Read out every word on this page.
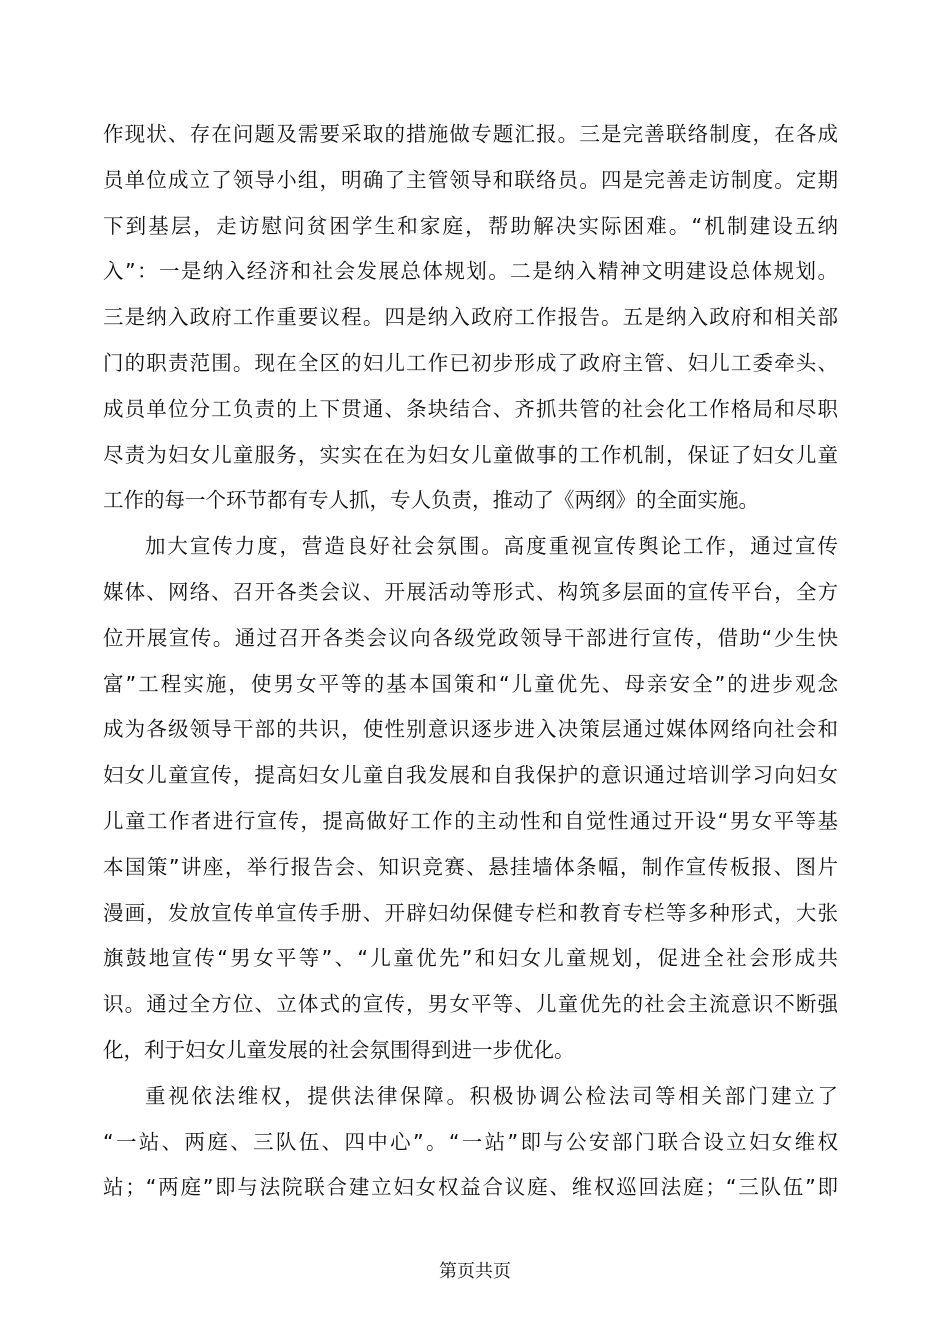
作现状、存在问题及需要采取的措施做专题汇报。三是完善联络制度，在各成
员单位成立了领导小组，明确了主管领导和联络员。四是完善走访制度。定期
下到基层，走访慰问贫困学生和家庭，帮助解决实际困难。“机制建设五纳
入”：一是纳入经济和社会发展总体规划。二是纳入精神文明建设总体规划。
三是纳入政府工作重要议程。四是纳入政府工作报告。五是纳入政府和相关部
门的职责范围。现在全区的妇儿工作已初步形成了政府主管、妇儿工委牵头、
成员单位分工负责的上下贯通、条块结合、齐抓共管的社会化工作格局和尽职
尽责为妇女儿童服务，实实在在为妇女儿童做事的工作机制，保证了妇女儿童
工作的每一个环节都有专人抓，专人负责，推动了《两纲》的全面实施。
加大宣传力度，营造良好社会氛围。高度重视宣传舆论工作，通过宣传
媒体、网络、召开各类会议、开展活动等形式、构筑多层面的宣传平台，全方
位开展宣传。通过召开各类会议向各级党政领导干部进行宣传，借助“少生快
富”工程实施，使男女平等的基本国策和“儿童优先、母亲安全”的进步观念
成为各级领导干部的共识，使性别意识逐步进入决策层通过媒体网络向社会和
妇女儿童宣传，提高妇女儿童自我发展和自我保护的意识通过培训学习向妇女
儿童工作者进行宣传，提高做好工作的主动性和自觉性通过开设“男女平等基
本国策”讲座，举行报告会、知识竞赛、悬挂墙体条幅，制作宣传板报、图片
漫画，发放宣传单宣传手册、开辟妇幼保健专栏和教育专栏等多种形式，大张
旗鼓地宣传“男女平等”、“儿童优先”和妇女儿童规划，促进全社会形成共
识。通过全方位、立体式的宣传，男女平等、儿童优先的社会主流意识不断强
化，利于妇女儿童发展的社会氛围得到进一步优化。
重视依法维权，提供法律保障。积极协调公检法司等相关部门建立了
“一站、两庭、三队伍、四中心”。“一站”即与公安部门联合设立妇女维权
站；“两庭”即与法院联合建立妇女权益合议庭、维权巡回法庭；“三队伍”即
第页共页
